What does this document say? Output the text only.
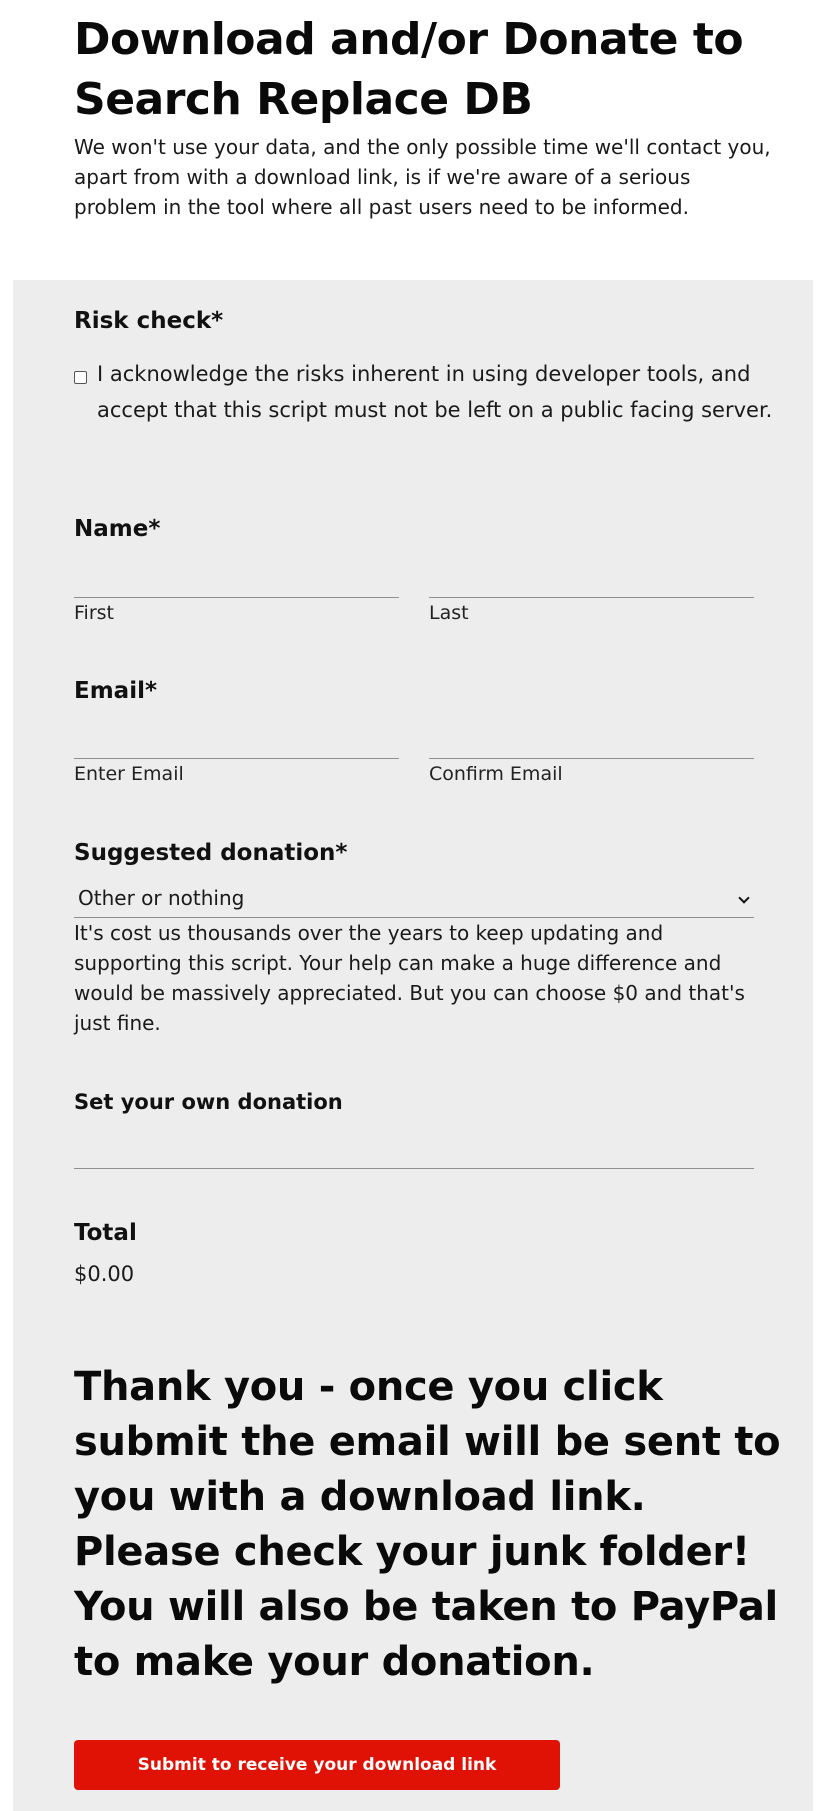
Download and/or Donate to
Search Replace DB

We won't use your data, and the only possible time we'll contact you, apart from with a download link, is if we're aware of a serious problem in the tool where all past users need to be informed.

Risk check*
I acknowledge the risks inherent in using developer tools, and accept that this script must not be left on a public facing server.
Name*
First	Last
Email*
Enter Email	Confirm Email
Suggested donation*
Other or nothing

It's cost us thousands over the years to keep updating and supporting this script. Your help can make a huge difference and would be massively appreciated. But you can choose $0 and that's just fine.

Set your own donation
Total
$0.00

Thank you - once you click submit the email will be sent to you with a download link. Please check your junk folder! You will also be taken to PayPal to make your donation.

Submit to receive your download link
